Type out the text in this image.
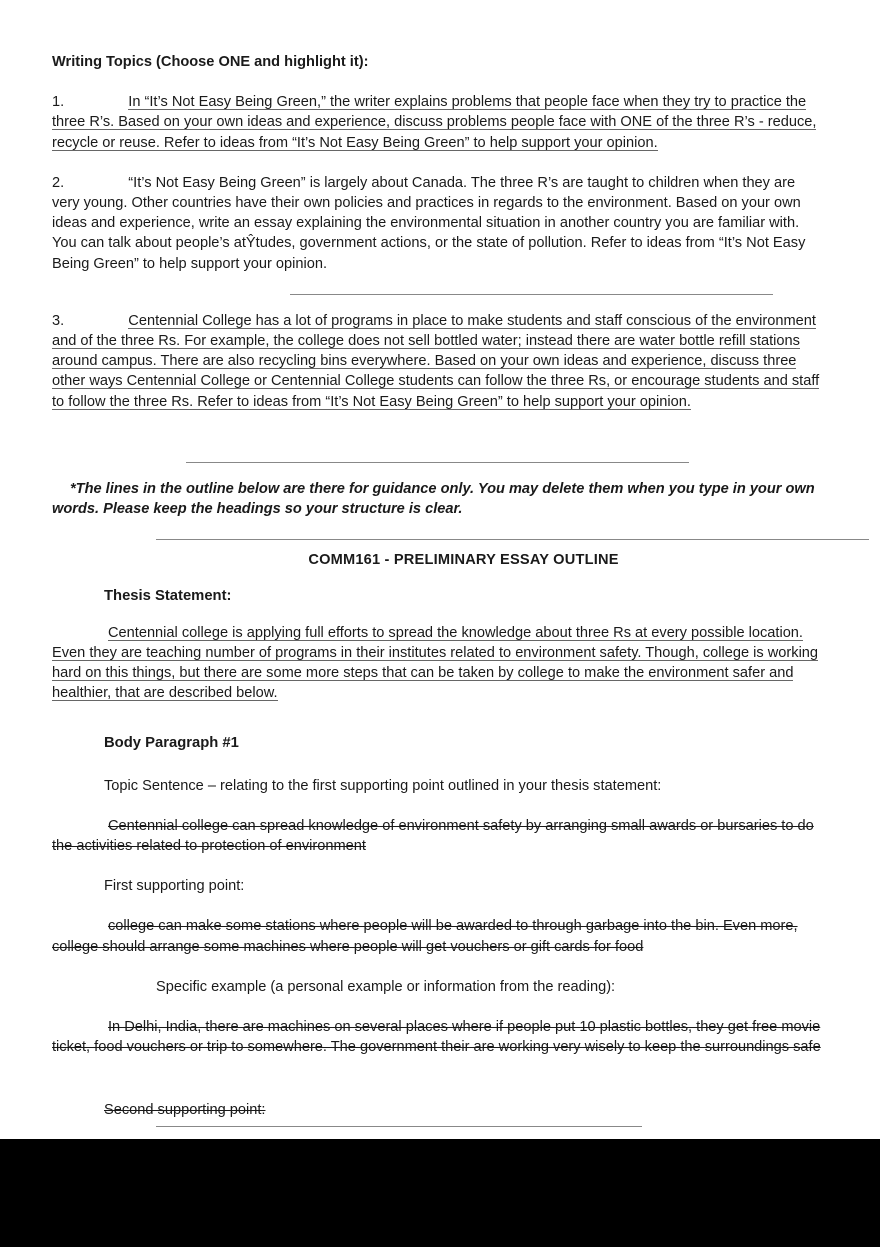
Writing Topics (Choose ONE and highlight it):

1.	In “It’s Not Easy Being Green,” the writer explains problems that people face when they try to practice the three R’s. Based on your own ideas and experience, discuss problems people face with ONE of the three R’s - reduce, recycle or reuse. Refer to ideas from “It’s Not Easy Being Green” to help support your opinion.

2.	“It’s Not Easy Being Green” is largely about Canada. The three R’s are taught to children when they are very young. Other countries have their own policies and practices in regards to the environment. Based on your own ideas and experience, write an essay explaining the environmental situation in another country you are familiar with. You can talk about people’s atŶtudes, government actions, or the state of pollution. Refer to ideas from “It’s Not Easy Being Green” to help support your opinion.

3.	Centennial College has a lot of programs in place to make students and staff conscious of the environment and of the three Rs. For example, the college does not sell bottled water; instead there are water bottle refill stations around campus. There are also recycling bins everywhere. Based on your own ideas and experience, discuss three other ways Centennial College or Centennial College students can follow the three Rs, or encourage students and staff to follow the three Rs. Refer to ideas from “It’s Not Easy Being Green” to help support your opinion.

*The lines in the outline below are there for guidance only. You may delete them when you type in your own words. Please keep the headings so your structure is clear.

COMM161 - PRELIMINARY ESSAY OUTLINE

Thesis Statement:

Centennial college is applying full efforts to spread the knowledge about three Rs at every possible location. Even they are teaching number of programs in their institutes related to environment safety. Though, college is working hard on this things, but there are some more steps that can be taken by college to make the environment safer and healthier, that are described below.

Body Paragraph #1

Topic Sentence – relating to the first supporting point outlined in your thesis statement:

Centennial college can spread knowledge of environment safety by arranging small awards or bursaries to do the activities related to protection of environment

First supporting point:

college can make some stations where people will be awarded to through garbage into the bin. Even more, college should arrange some machines where people will get vouchers or gift cards for food

Specific example (a personal example or information from the reading):

In Delhi, India, there are machines on several places where if people put 10 plastic bottles, they get free movie ticket, food vouchers or trip to somewhere. The government their are working very wisely to keep the surroundings safe

Second supporting point:
